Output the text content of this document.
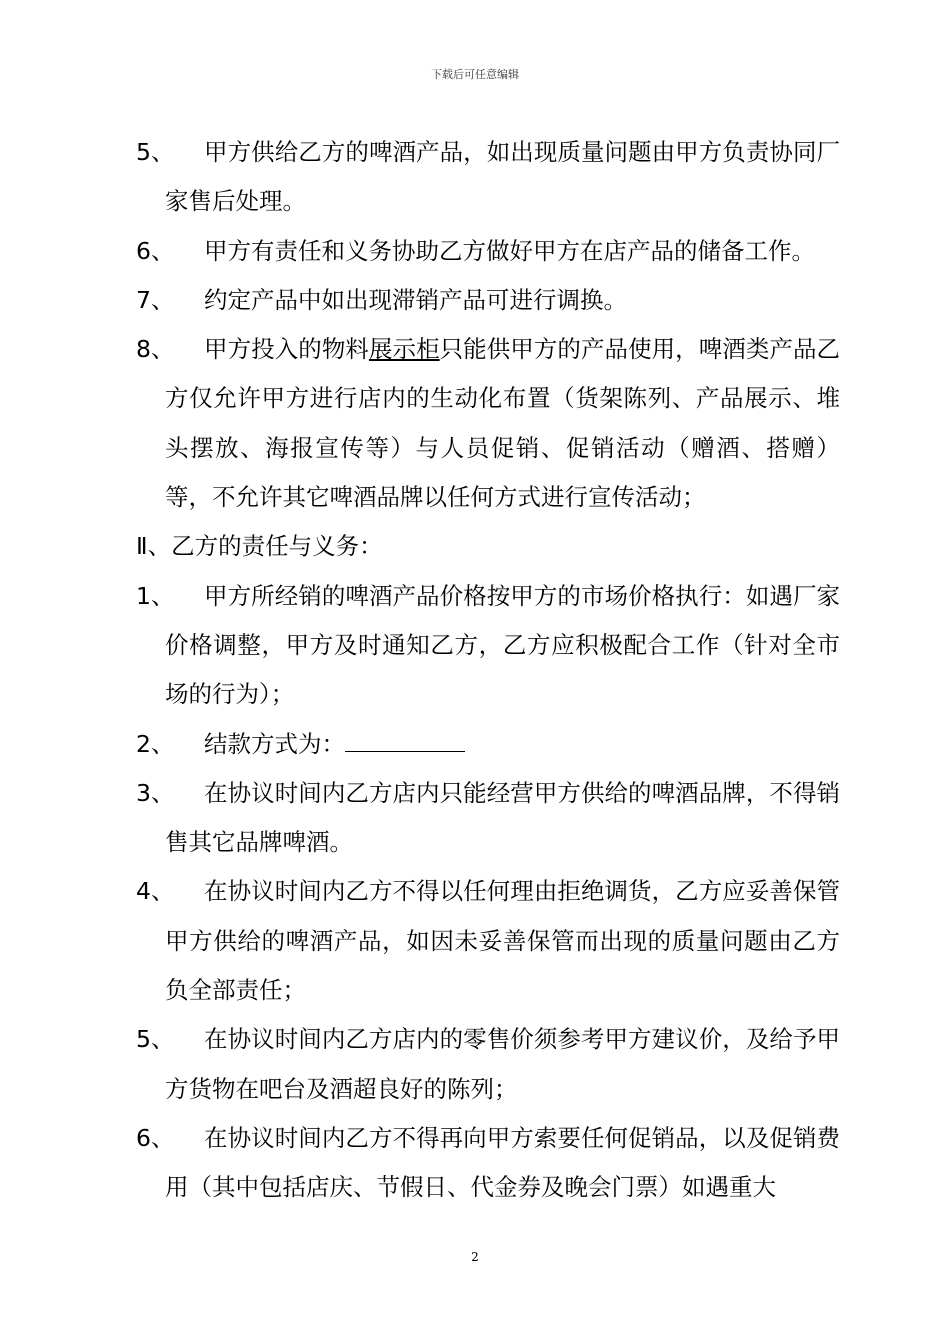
下载后可任意编辑

5、 甲方供给乙方的啤酒产品，如出现质量问题由甲方负责协同厂家售后处理。

6、 甲方有责任和义务协助乙方做好甲方在店产品的储备工作。

7、 约定产品中如出现滞销产品可进行调换。

8、 甲方投入的物料展示柜只能供甲方的产品使用，啤酒类产品乙方仅允许甲方进行店内的生动化布置（货架陈列、产品展示、堆头摆放、海报宣传等）与人员促销、促销活动（赠酒、搭赠）等，不允许其它啤酒品牌以任何方式进行宣传活动；

Ⅱ、乙方的责任与义务：

1、 甲方所经销的啤酒产品价格按甲方的市场价格执行：如遇厂家价格调整，甲方及时通知乙方，乙方应积极配合工作（针对全市场的行为）；

2、 结款方式为：

3、 在协议时间内乙方店内只能经营甲方供给的啤酒品牌，不得销售其它品牌啤酒。

4、 在协议时间内乙方不得以任何理由拒绝调货，乙方应妥善保管甲方供给的啤酒产品，如因未妥善保管而出现的质量问题由乙方负全部责任；

5、 在协议时间内乙方店内的零售价须参考甲方建议价，及给予甲方货物在吧台及酒超良好的陈列；

6、 在协议时间内乙方不得再向甲方索要任何促销品，以及促销费用（其中包括店庆、节假日、代金券及晚会门票）如遇重大

2
